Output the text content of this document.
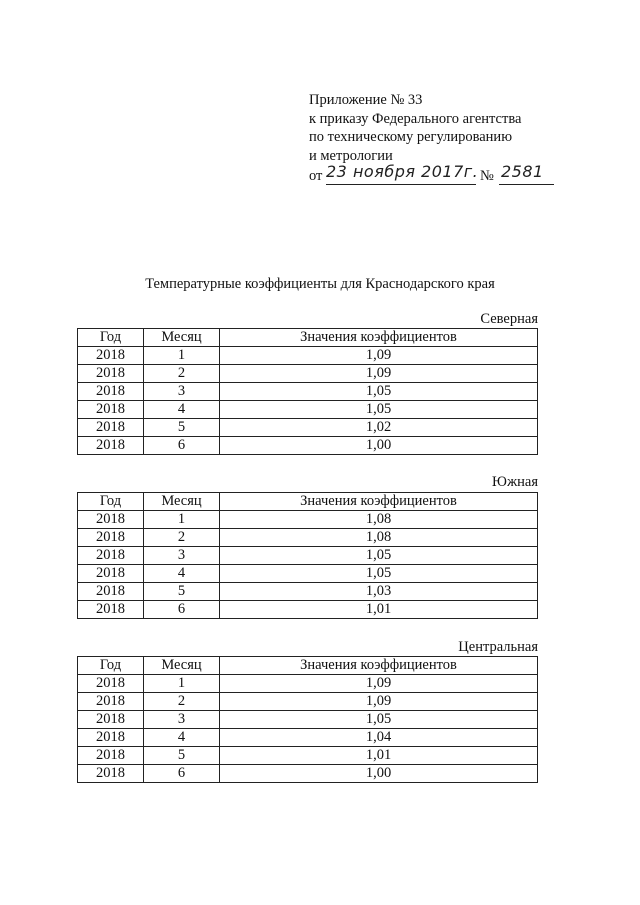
Приложение № 33
к приказу Федерального агентства
по техническому регулированию
и метрологии
от 23 ноября 2017г. № 2581
Температурные коэффициенты для Краснодарского края
Северная
Год	Месяц	Значения коэффициентов
2018	1	1,09
2018	2	1,09
2018	3	1,05
2018	4	1,05
2018	5	1,02
2018	6	1,00
Южная
Год	Месяц	Значения коэффициентов
2018	1	1,08
2018	2	1,08
2018	3	1,05
2018	4	1,05
2018	5	1,03
2018	6	1,01
Центральная
Год	Месяц	Значения коэффициентов
2018	1	1,09
2018	2	1,09
2018	3	1,05
2018	4	1,04
2018	5	1,01
2018	6	1,00
